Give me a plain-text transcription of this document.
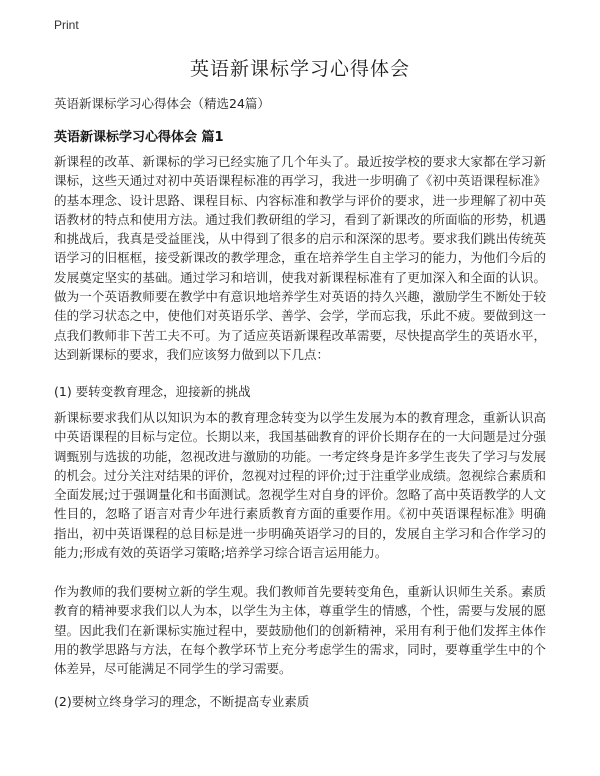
Print
英语新课标学习心得体会
英语新课标学习心得体会（精选24篇）
英语新课标学习心得体会 篇1

新课程的改革、新课标的学习已经实施了几个年头了。最近按学校的要求大家都在学习新课标，这些天通过对初中英语课程标准的再学习，我进一步明确了《初中英语课程标准》的基本理念、设计思路、课程目标、内容标准和教学与评价的要求，进一步理解了初中英语教材的特点和使用方法。通过我们教研组的学习，看到了新课改的所面临的形势，机遇和挑战后，我真是受益匪浅，从中得到了很多的启示和深深的思考。要求我们跳出传统英语学习的旧框框，接受新课改的教学理念，重在培养学生自主学习的能力，为他们今后的发展奠定坚实的基础。通过学习和培训，使我对新课程标准有了更加深入和全面的认识。做为一个英语教师要在教学中有意识地培养学生对英语的持久兴趣，激励学生不断处于较佳的学习状态之中，使他们对英语乐学、善学、会学，学而忘我，乐此不疲。要做到这一点我们教师非下苦工夫不可。为了适应英语新课程改革需要，尽快提高学生的英语水平，达到新课标的要求，我们应该努力做到以下几点：

(1) 要转变教育理念，迎接新的挑战

新课标要求我们从以知识为本的教育理念转变为以学生发展为本的教育理念，重新认识高中英语课程的目标与定位。长期以来，我国基础教育的评价长期存在的一大问题是过分强调甄别与选拔的功能，忽视改进与激励的功能。一考定终身是许多学生丧失了学习与发展的机会。过分关注对结果的评价，忽视对过程的评价;过于注重学业成绩。忽视综合素质和全面发展;过于强调量化和书面测试。忽视学生对自身的评价。忽略了高中英语教学的人文性目的，忽略了语言对青少年进行素质教育方面的重要作用。《初中英语课程标准》明确指出，初中英语课程的总目标是进一步明确英语学习的目的，发展自主学习和合作学习的能力;形成有效的英语学习策略;培养学习综合语言运用能力。

作为教师的我们要树立新的学生观。我们教师首先要转变角色，重新认识师生关系。素质教育的精神要求我们以人为本，以学生为主体，尊重学生的情感，个性，需要与发展的愿望。因此我们在新课标实施过程中，要鼓励他们的创新精神，采用有利于他们发挥主体作用的教学思路与方法，在每个教学环节上充分考虑学生的需求，同时，要尊重学生中的个体差异，尽可能满足不同学生的学习需要。

(2)要树立终身学习的理念，不断提高专业素质
